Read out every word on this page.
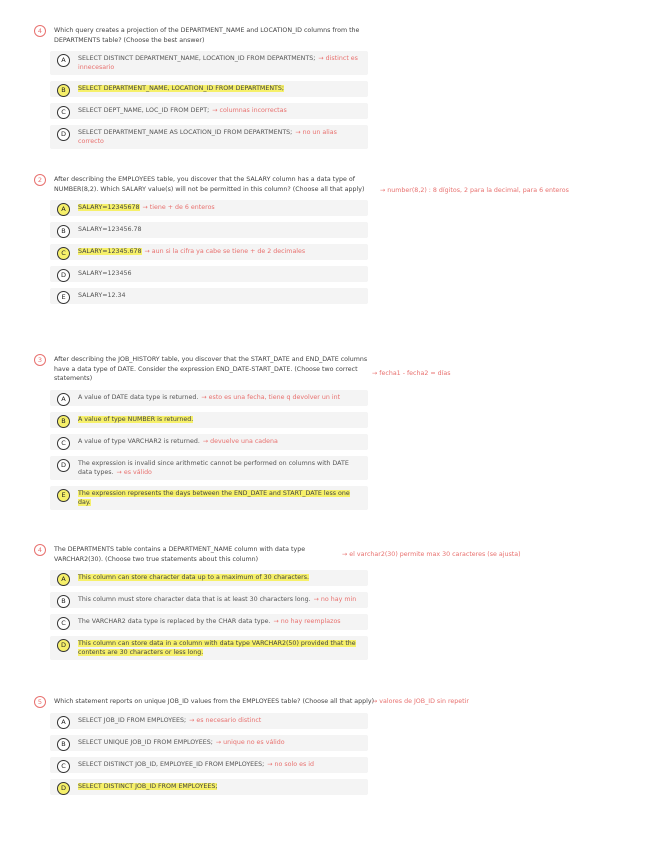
4	Which query creates a projection of the DEPARTMENT_NAME and LOCATION_ID columns from the DEPARTMENTS table? (Choose the best answer)
A	SELECT DISTINCT DEPARTMENT_NAME, LOCATION_ID FROM DEPARTMENTS; → distinct es innecesario
B	SELECT DEPARTMENT_NAME, LOCATION_ID FROM DEPARTMENTS;
C	SELECT DEPT_NAME, LOC_ID FROM DEPT; → columnas incorrectas
D	SELECT DEPARTMENT_NAME AS LOCATION_ID FROM DEPARTMENTS; → no un alias correcto
2	After describing the EMPLOYEES table, you discover that the SALARY column has a data type of NUMBER(8,2). Which SALARY value(s) will not be permitted in this column? (Choose all that apply) → number(8,2) : 8 dígitos, 2 para la decimal, para 6 enteros
A	SALARY=12345678 → tiene + de 6 enteros
B	SALARY=123456.78
C	SALARY=12345.678 → aun si la cifra ya cabe se tiene + de 2 decimales
D	SALARY=123456
E	SALARY=12.34
3	After describing the JOB_HISTORY table, you discover that the START_DATE and END_DATE columns have a data type of DATE. Consider the expression END_DATE-START_DATE. (Choose two correct statements)
→ fecha1 - fecha2 = días
A	A value of DATE data type is returned. → esto es una fecha, tiene q devolver un int
B	A value of type NUMBER is returned.
C	A value of type VARCHAR2 is returned. → devuelve una cadena
D	The expression is invalid since arithmetic cannot be performed on columns with DATE data types. → es válido
E	The expression represents the days between the END_DATE and START_DATE less one day.
4	The DEPARTMENTS table contains a DEPARTMENT_NAME column with data type VARCHAR2(30). (Choose two true statements about this column)
→ el varchar2(30) permite max 30 caracteres (se ajusta)
A	This column can store character data up to a maximum of 30 characters.
B	This column must store character data that is at least 30 characters long. → no hay min
C	The VARCHAR2 data type is replaced by the CHAR data type. → no hay reemplazos
D	This column can store data in a column with data type VARCHAR2(50) provided that the contents are 30 characters or less long.
5	Which statement reports on unique JOB_ID values from the EMPLOYEES table? (Choose all that apply)
→ valores de JOB_ID sin repetir
A	SELECT JOB_ID FROM EMPLOYEES; → es necesario distinct
B	SELECT UNIQUE JOB_ID FROM EMPLOYEES; → unique no es válido
C	SELECT DISTINCT JOB_ID, EMPLOYEE_ID FROM EMPLOYEES; → no solo es id
D	SELECT DISTINCT JOB_ID FROM EMPLOYEES;
